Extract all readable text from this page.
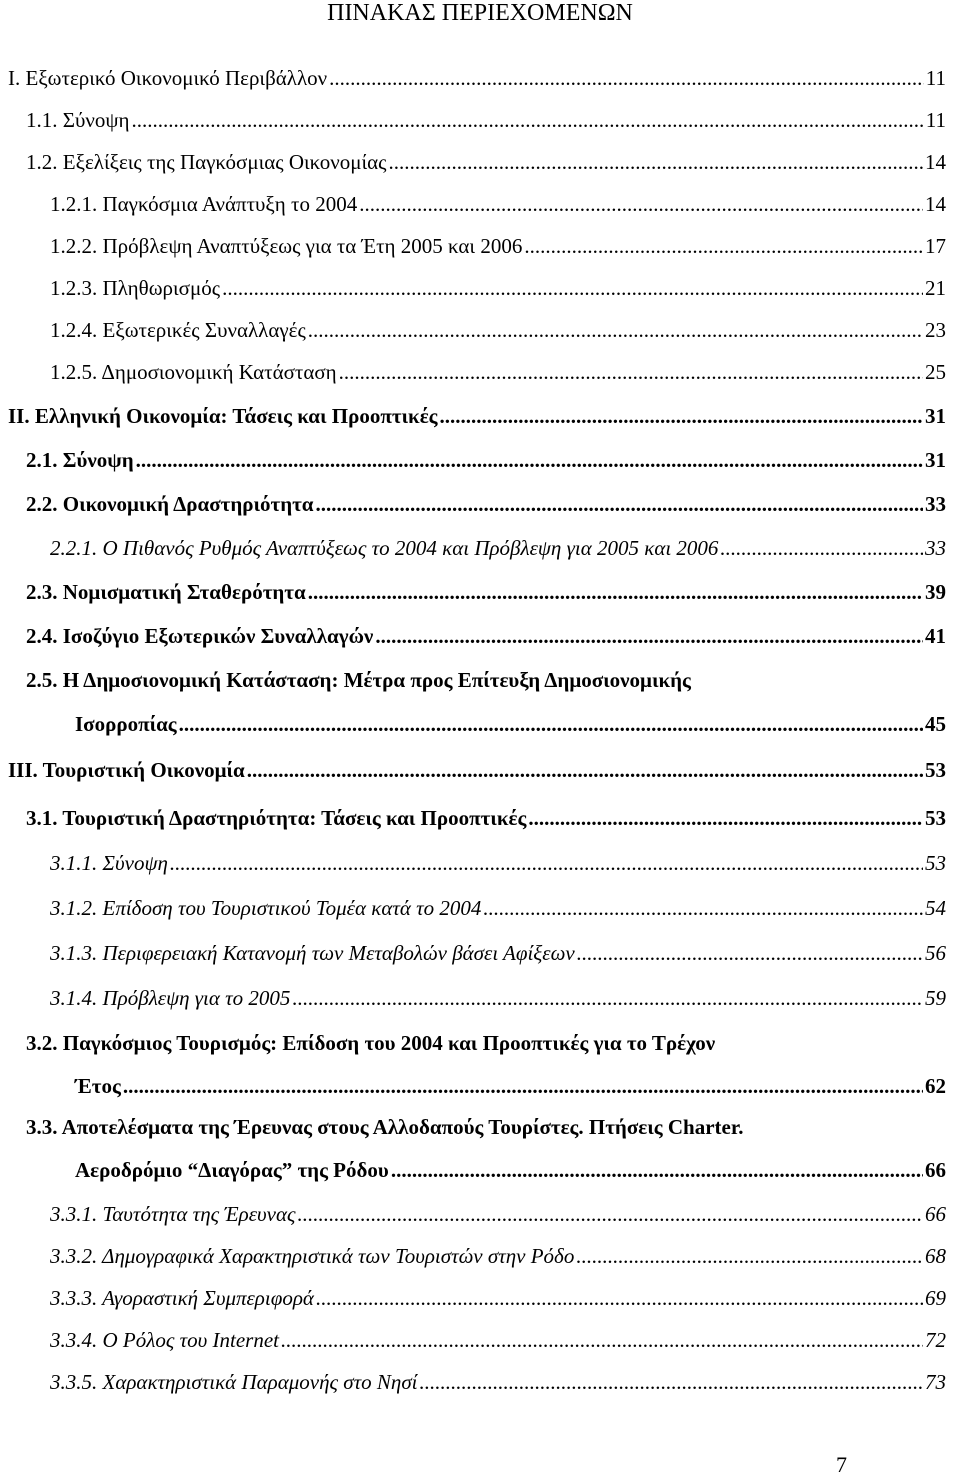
ΠΙΝΑΚΑΣ ΠΕΡΙΕΧΟΜΕΝΩΝ
Ι. Εξωτερικό Οικονομικό Περιβάλλον .....	11
1.1. Σύνοψη .....	11
1.2. Εξελίξεις της Παγκόσμιας Οικονομίας .....	14
1.2.1. Παγκόσμια Ανάπτυξη το 2004 .....	14
1.2.2. Πρόβλεψη Αναπτύξεως για τα Έτη 2005 και 2006 .....	17
1.2.3. Πληθωρισμός .....	21
1.2.4. Εξωτερικές Συναλλαγές .....	23
1.2.5. Δημοσιονομική Κατάσταση .....	25
ΙΙ. Ελληνική Οικονομία: Τάσεις και Προοπτικές .....	31
2.1. Σύνοψη .....	31
2.2. Οικονομική Δραστηριότητα .....	33
2.2.1. Ο Πιθανός Ρυθμός Αναπτύξεως το 2004 και Πρόβλεψη για 2005 και 2006 .....	33
2.3. Νομισματική Σταθερότητα .....	39
2.4. Ισοζύγιο Εξωτερικών Συναλλαγών .....	41
2.5. Η Δημοσιονομική Κατάσταση: Μέτρα προς Επίτευξη Δημοσιονομικής
Ισορροπίας .....	45
ΙΙΙ. Τουριστική Οικονομία .....	53
3.1. Τουριστική Δραστηριότητα: Τάσεις και Προοπτικές .....	53
3.1.1. Σύνοψη .....	53
3.1.2. Επίδοση του Τουριστικού Τομέα κατά το 2004 .....	54
3.1.3. Περιφερειακή Κατανομή των Μεταβολών βάσει Αφίξεων .....	56
3.1.4. Πρόβλεψη για το 2005 .....	59
3.2. Παγκόσμιος Τουρισμός: Επίδοση του 2004 και Προοπτικές για το Τρέχον
Έτος .....	62
3.3. Αποτελέσματα της Έρευνας στους Αλλοδαπούς Τουρίστες. Πτήσεις Charter.
Αεροδρόμιο “Διαγόρας” της Ρόδου .....	66
3.3.1. Ταυτότητα της Έρευνας .....	66
3.3.2. Δημογραφικά Χαρακτηριστικά των Τουριστών στην Ρόδο .....	68
3.3.3. Αγοραστική Συμπεριφορά .....	69
3.3.4. Ο Ρόλος του Internet .....	72
3.3.5. Χαρακτηριστικά Παραμονής στο Νησί .....	73
7
